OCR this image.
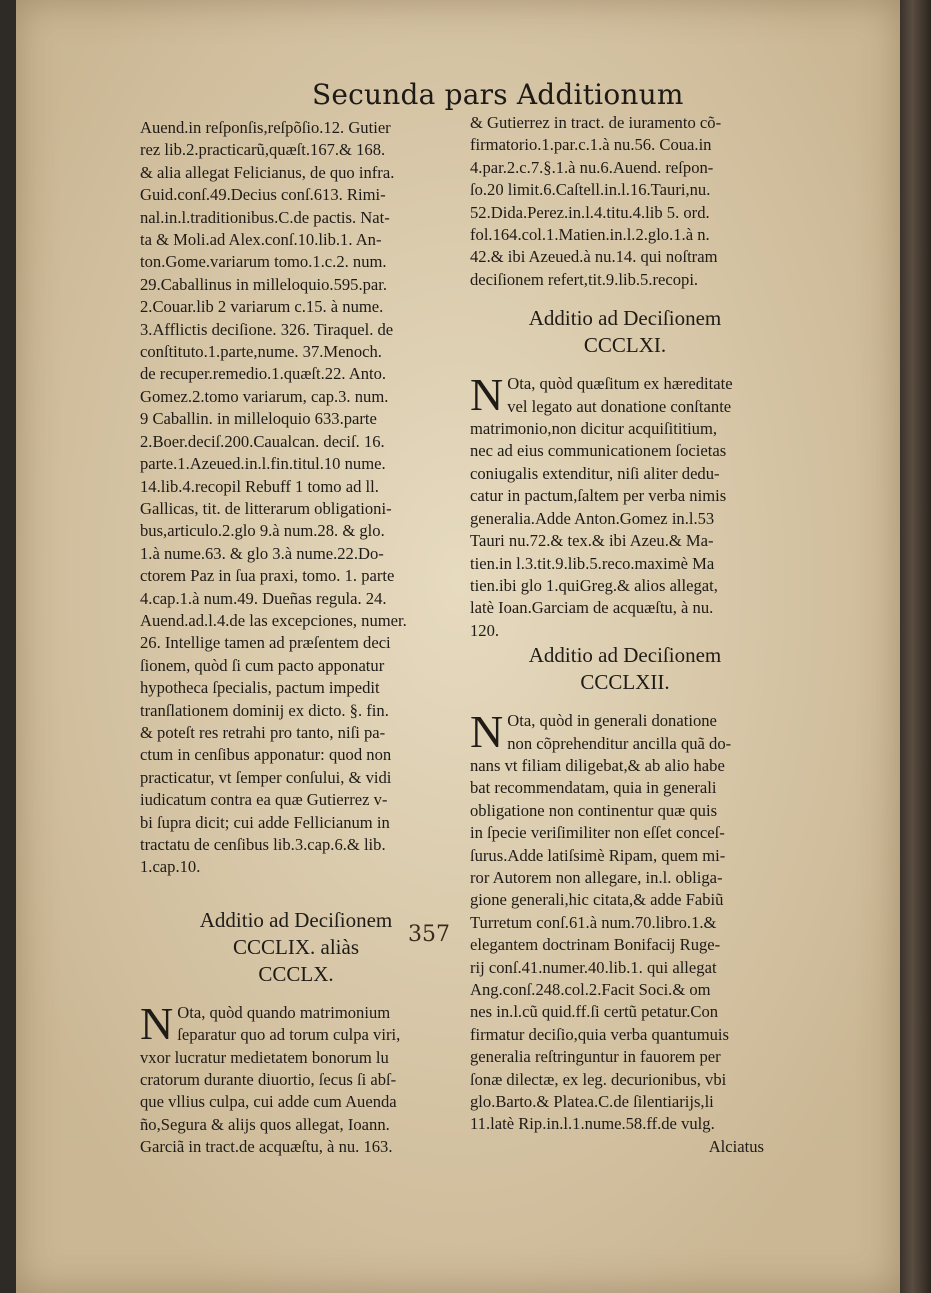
Secunda pars Additionum
Auend.in reſponſis,reſpõſio.12. Gutier
rez lib.2.practicarũ,quæſt.167.& 168.
& alia allegat Felicianus, de quo infra.
Guid.conſ.49.Decius conſ.613. Rimi-
nal.in.l.traditionibus.C.de pactis. Nat-
ta & Moli.ad Alex.conſ.10.lib.1. An-
ton.Gome.variarum tomo.1.c.2. num.
29.Caballinus in milleloquio.595.par.
2.Couar.lib 2 variarum c.15. à nume.
3.Afflictis deciſione. 326. Tiraquel. de
conſtituto.1.parte,nume. 37.Menoch.
de recuper.remedio.1.quæſt.22. Anto.
Gomez.2.tomo variarum, cap.3. num.
9 Caballin. in milleloquio 633.parte
2.Boer.deciſ.200.Caualcan. deciſ. 16.
parte.1.Azeued.in.l.fin.titul.10 nume.
14.lib.4.recopil Rebuff 1 tomo ad ll.
Gallicas, tit. de litterarum obligationi-
bus,articulo.2.glo 9.à num.28. & glo.
1.à nume.63. & glo 3.à nume.22.Do-
ctorem Paz in ſua praxi, tomo. 1. parte
4.cap.1.à num.49. Dueñas regula. 24.
Auend.ad.l.4.de las excepciones, numer.
26. Intellige tamen ad præſentem deci
ſionem, quòd ſi cum pacto apponatur
hypotheca ſpecialis, pactum impedit
tranſlationem dominij ex dicto. §. fin.
& poteſt res retrahi pro tanto, niſi pa-
ctum in cenſibus apponatur: quod non
practicatur, vt ſemper conſului, & vidi
iudicatum contra ea quæ Gutierrez v-
bi ſupra dicit; cui adde Fellicianum in
tractatu de cenſibus lib.3.cap.6.& lib.
1.cap.10.
Additio ad Deciſionem
CCCLIX. aliàs
CCCLX.
N Ota, quòd quando matrimonium
ſeparatur quo ad torum culpa viri,
vxor lucratur medietatem bonorum lu
cratorum durante diuortio, ſecus ſi abſ-
que vllius culpa, cui adde cum Auenda
ño,Segura & alijs quos allegat, Ioann.
Garciã in tract.de acquæſtu, à nu. 163.
357
& Gutierrez in tract. de iuramento cõ-
firmatorio.1.par.c.1.à nu.56. Coua.in
4.par.2.c.7.§.1.à nu.6.Auend. reſpon-
ſo.20 limit.6.Caſtell.in.l.16.Tauri,nu.
52.Dida.Perez.in.l.4.titu.4.lib 5. ord.
fol.164.col.1.Matien.in.l.2.glo.1.à n.
42.& ibi Azeued.à nu.14. qui noſtram
deciſionem refert,tit.9.lib.5.recopi.
Additio ad Deciſionem
CCCLXI.
N Ota, quòd quæſitum ex hæreditate
vel legato aut donatione conſtante
matrimonio,non dicitur acquiſititium,
nec ad eius communicationem ſocietas
coniugalis extenditur, niſi aliter dedu-
catur in pactum,ſaltem per verba nimis
generalia.Adde Anton.Gomez in.l.53
Tauri nu.72.& tex.& ibi Azeu.& Ma-
tien.in l.3.tit.9.lib.5.reco.maximè Ma
tien.ibi glo 1.quiGreg.& alios allegat,
latè Ioan.Garciam de acquæſtu, à nu.
120.
Additio ad Deciſionem
CCCLXII.
N Ota, quòd in generali donatione
non cõprehenditur ancilla quã do-
nans vt filiam diligebat,& ab alio habe
bat recommendatam, quia in generali
obligatione non continentur quæ quis
in ſpecie veriſimiliter non eſſet conceſ-
ſurus.Adde latiſsimè Ripam, quem mi-
ror Autorem non allegare, in.l. obliga-
gione generali,hic citata,& adde Fabiũ
Turretum conſ.61.à num.70.libro.1.&
elegantem doctrinam Bonifacij Ruge-
rij conſ.41.numer.40.lib.1. qui allegat
Ang.conſ.248.col.2.Facit Soci.& om
nes in.l.cũ quid.ff.ſi certũ petatur.Con
firmatur deciſio,quia verba quantumuis
generalia reſtringuntur in fauorem per
ſonæ dilectæ, ex leg. decurionibus, vbi
glo.Barto.& Platea.C.de ſilentiarijs,li
11.latè Rip.in.l.1.nume.58.ff.de vulg.
Alciatus
